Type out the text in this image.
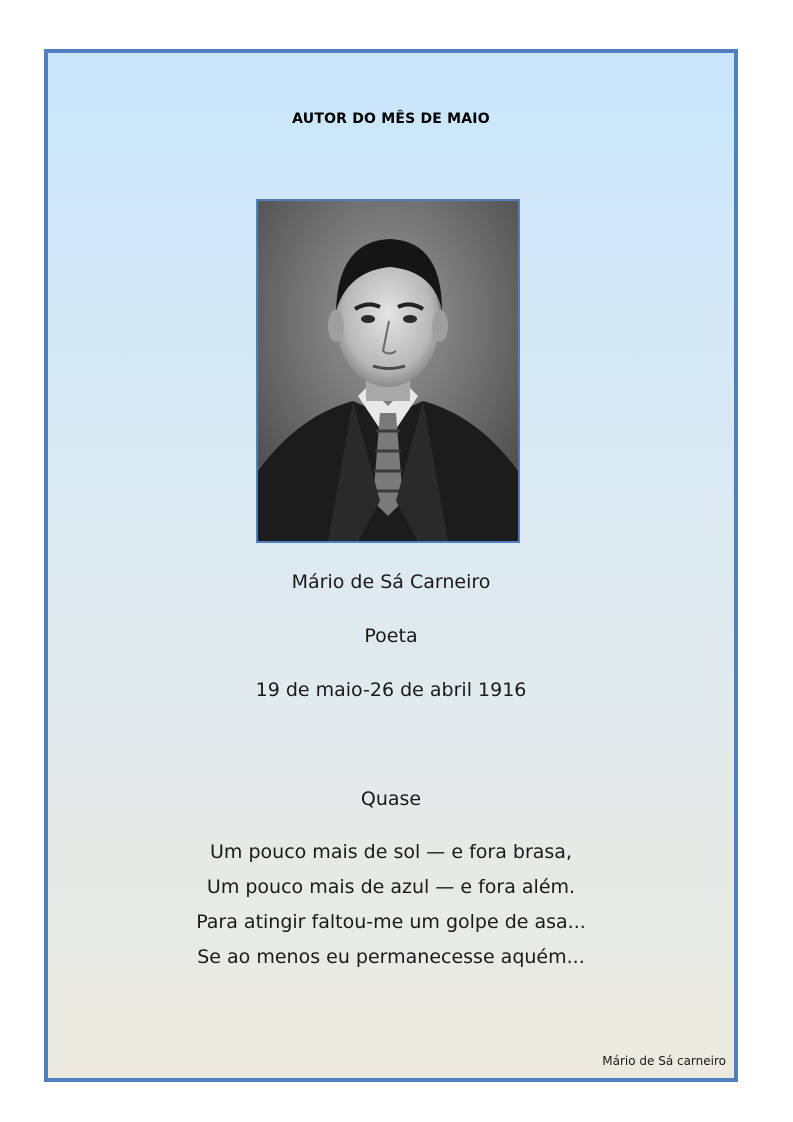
AUTOR DO MÊS DE MAIO
Mário de Sá Carneiro
Poeta
19 de maio-26 de abril 1916
Quase
Um pouco mais de sol — e fora brasa,
Um pouco mais de azul — e fora além.
Para atingir faltou-me um golpe de asa...
Se ao menos eu permanecesse aquém...
Mário de Sá carneiro
